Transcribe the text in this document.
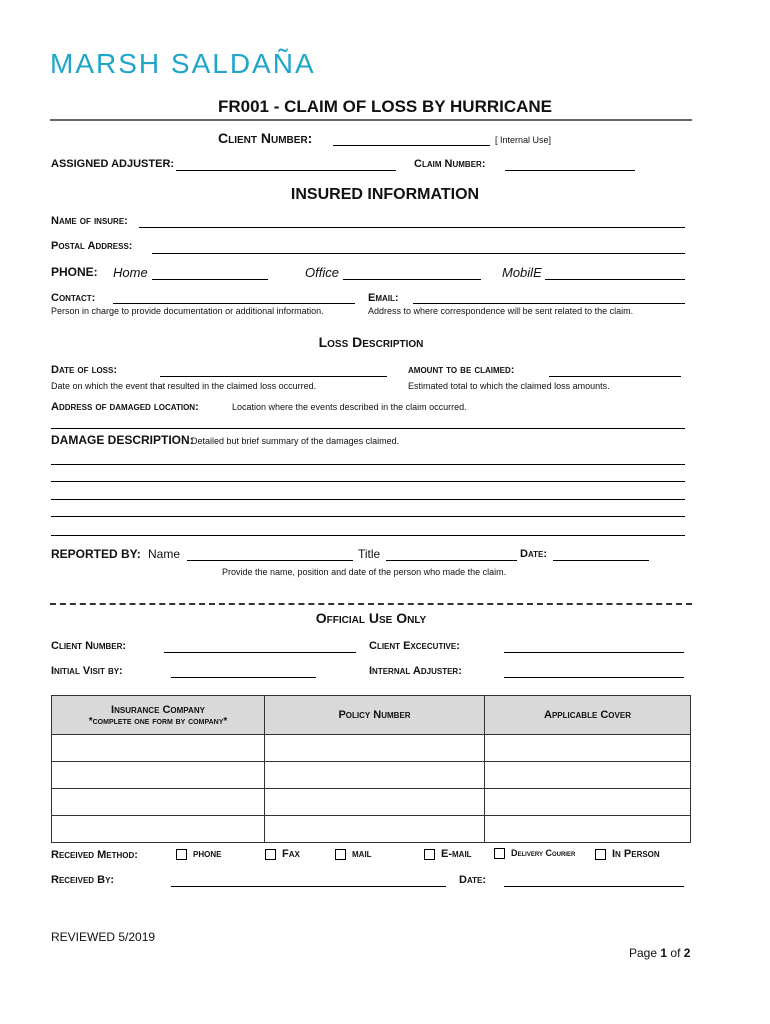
MARSH SALDAÑA
FR001 - CLAIM OF LOSS BY HURRICANE
Client Number:	[ Internal Use]
ASSIGNED ADJUSTER:	Claim Number:
INSURED INFORMATION
Name of insure:
Postal Address:
PHONE: Home	Office	MobilE
Contact:
Person in charge to provide documentation or additional information.
Email:
Address to where correspondence will be sent related to the claim.
Loss Description
Date of loss:
Date on which the event that resulted in the claimed loss occurred.
amount to be claimed:
Estimated total to which the claimed loss amounts.
Address of damaged location:	Location where the events described in the claim occurred.
DAMAGE DESCRIPTION:
Detailed but brief summary of the damages claimed.
REPORTED BY: Name	Title	Date:
Provide the name, position and date of the person who made the claim.
Official Use Only
Client Number:	Client Excecutive:
Initial Visit by:	Internal Adjuster:
Insurance Company
*complete one form by company*	Policy Number	Applicable Cover

Received Method:	phone	Fax	mail	E-mail	Delivery Courier	In Person
Received By:	Date:
REVIEWED 5/2019
Page 1 of 2
